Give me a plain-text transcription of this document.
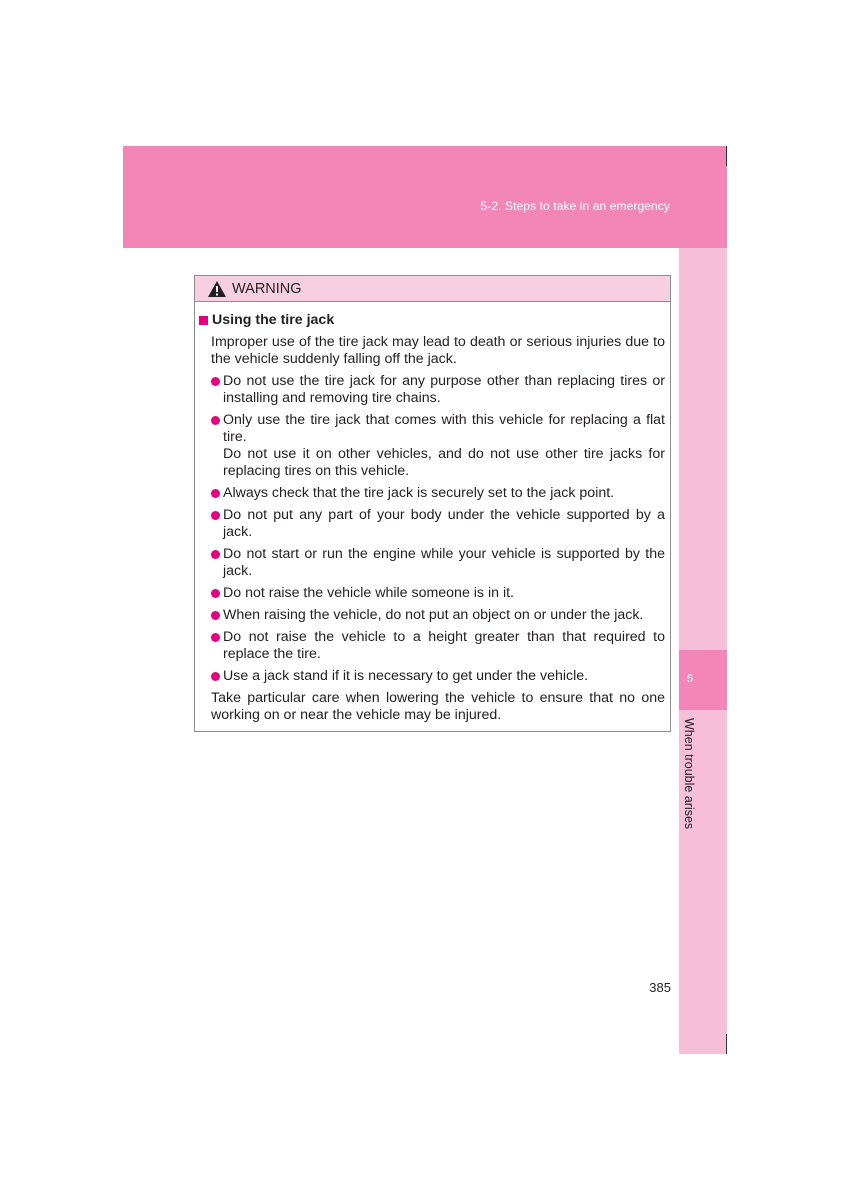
5-2. Steps to take in an emergency
5
When trouble arises
WARNING
Using the tire jack
Improper use of the tire jack may lead to death or serious injuries due to the vehicle suddenly falling off the jack.

Do not use the tire jack for any purpose other than replacing tires or installing and removing tire chains.

Only use the tire jack that comes with this vehicle for replacing a flat tire.

Do not use it on other vehicles, and do not use other tire jacks for replacing tires on this vehicle.

Always check that the tire jack is securely set to the jack point.

Do not put any part of your body under the vehicle supported by a jack.

Do not start or run the engine while your vehicle is supported by the jack.

Do not raise the vehicle while someone is in it.

When raising the vehicle, do not put an object on or under the jack.

Do not raise the vehicle to a height greater than that required to replace the tire.

Use a jack stand if it is necessary to get under the vehicle.

Take particular care when lowering the vehicle to ensure that no one working on or near the vehicle may be injured.
385
